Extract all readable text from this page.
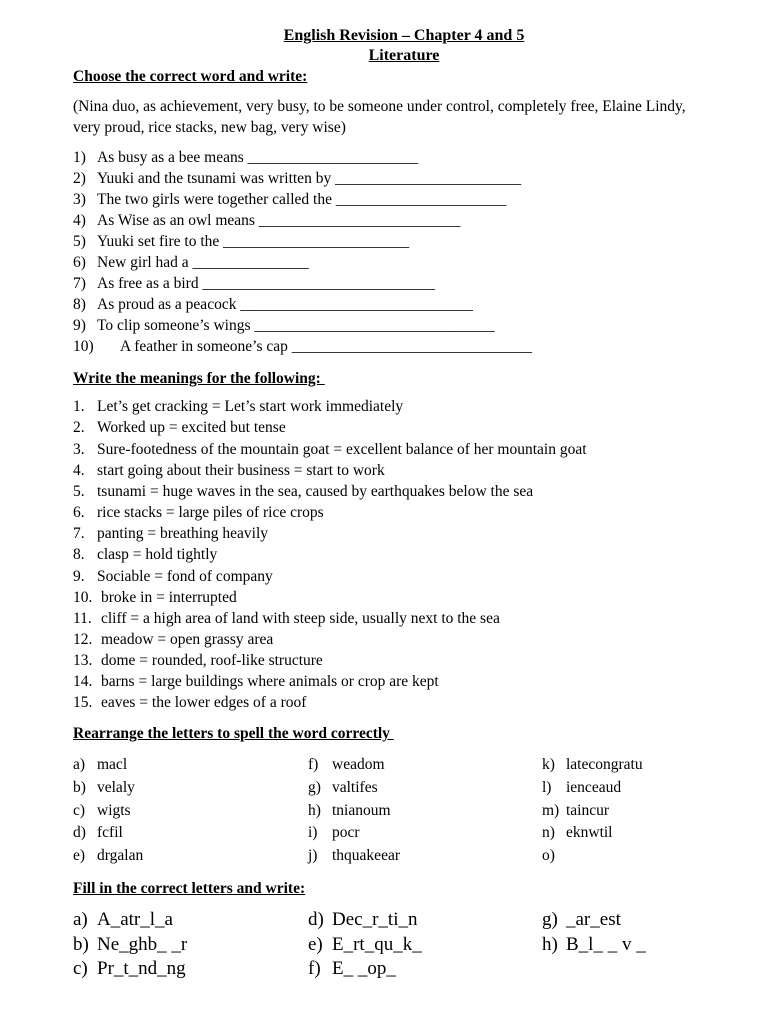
English Revision – Chapter 4 and 5
Literature
Choose the correct word and write:
(Nina duo, as achievement, very busy, to be someone under control, completely free, Elaine Lindy, very proud, rice stacks, new bag, very wise)
1) As busy as a bee means ______________________
2) Yuuki and the tsunami was written by ________________________
3) The two girls were together called the ______________________
4) As Wise as an owl means __________________________
5) Yuuki set fire to the ________________________
6) New girl had a _______________
7) As free as a bird ______________________________
8) As proud as a peacock ______________________________
9) To clip someone’s wings _______________________________
10) A feather in someone’s cap _______________________________
Write the meanings for the following:
1. Let’s get cracking = Let’s start work immediately
2. Worked up = excited but tense
3. Sure-footedness of the mountain goat = excellent balance of her mountain goat
4. start going about their business = start to work
5. tsunami = huge waves in the sea, caused by earthquakes below the sea
6. rice stacks = large piles of rice crops
7. panting = breathing heavily
8. clasp = hold tightly
9. Sociable = fond of company
10. broke in = interrupted
11. cliff = a high area of land with steep side, usually next to the sea
12. meadow = open grassy area
13. dome = rounded, roof-like structure
14. barns = large buildings where animals or crop are kept
15. eaves = the lower edges of a roof
Rearrange the letters to spell the word correctly
a) macl
b) velaly
c) wigts
d) fcfil
e) drgalan
f) weadom
g) valtifes
h) tnianoum
i) pocr
j) thquakeear
k) latecongratu
l) ienceaud
m) taincur
n) eknwtil
o)
Fill in the correct letters and write:
a) A_atr_l_a
b) Ne_ghb_ _r
c) Pr_t_nd_ng
d) Dec_r_ti_n
e) E_rt_qu_k_
f) E_ _op_
g) _ar_est
h) B_l_ _ v _
